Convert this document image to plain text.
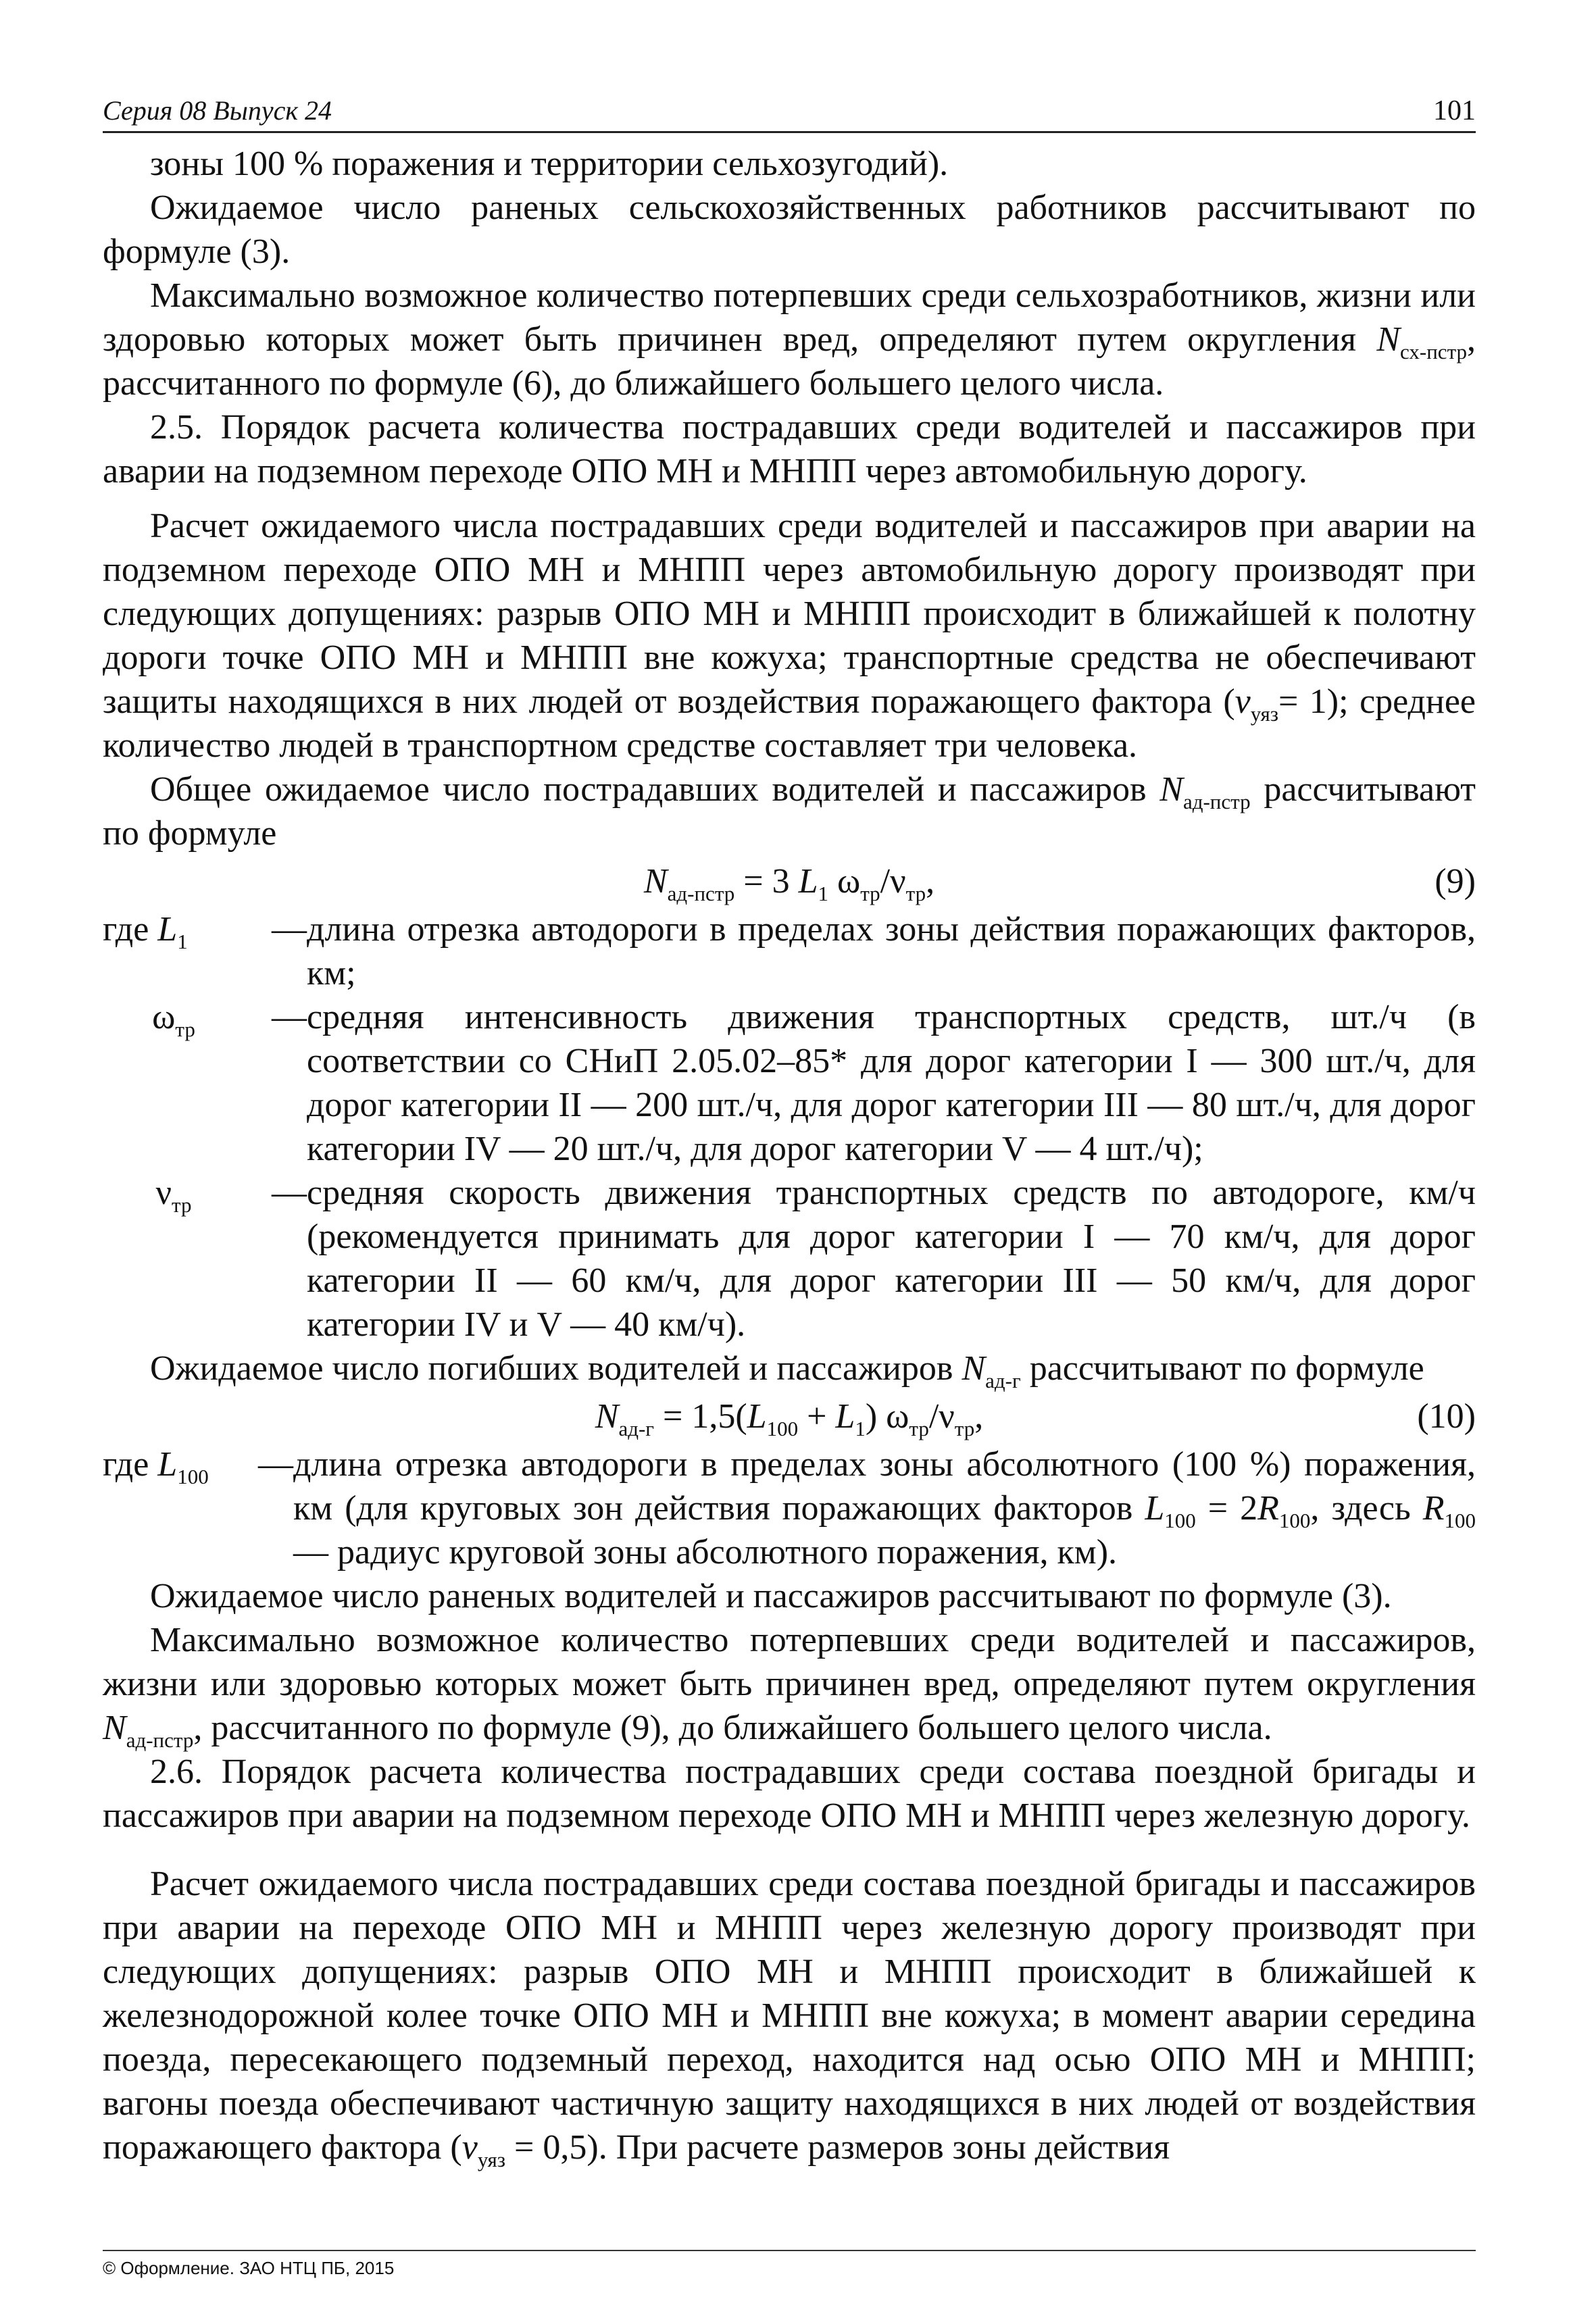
Серия 08 Выпуск 24	101

зоны 100 % поражения и территории сельхозугодий).

Ожидаемое число раненых сельскохозяйственных работников рассчитывают по формуле (3).

Максимально возможное количество потерпевших среди сельхозработников, жизни или здоровью которых может быть причинен вред, определяют путем округления $N_{сх-пстр}$, рассчитанного по формуле (6), до ближайшего большего целого числа.

2.5. Порядок расчета количества пострадавших среди водителей и пассажиров при аварии на подземном переходе ОПО МН и МНПП через автомобильную дорогу.

Расчет ожидаемого числа пострадавших среди водителей и пассажиров при аварии на подземном переходе ОПО МН и МНПП через автомобильную дорогу производят при следующих допущениях: разрыв ОПО МН и МНПП происходит в ближайшей к полотну дороги точке ОПО МН и МНПП вне кожуха; транспортные средства не обеспечивают защиты находящихся в них людей от воздействия поражающего фактора $(v_{уяз}= 1)$; среднее количество людей в транспортном средстве составляет три человека.

Общее ожидаемое число пострадавших водителей и пассажиров $N_{ад-пстр}$ рассчитывают по формуле

$N_{ад-пстр} = 3$ $L_1$ $\omega_{тр}/\nu_{тр}$,	(9)
где $L_1$	— длина отрезка автодороги в пределах зоны действия поражающих факторов, км;
$\omega_{тр}$	— средняя интенсивность движения транспортных средств, шт./ч (в соответствии со СНиП 2.05.02–85* для дорог категории I — 300 шт./ч, для дорог категории II — 200 шт./ч, для дорог категории III — 80 шт./ч, для дорог категории IV — 20 шт./ч, для дорог категории V — 4 шт./ч);
$\nu_{тр}$	— средняя скорость движения транспортных средств по автодороге, км/ч (рекомендуется принимать для дорог категории I — 70 км/ч, для дорог категории II — 60 км/ч, для дорог категории III — 50 км/ч, для дорог категории IV и V — 40 км/ч).

Ожидаемое число погибших водителей и пассажиров $N_{ад-г}$ рассчитывают по формуле

$N_{ад-г} = 1,5(L_{100} + L_1)$ $\omega_{тр}/\nu_{тр}$,	(10)
где $L_{100}$	— длина отрезка автодороги в пределах зоны абсолютного (100 %) поражения, км (для круговых зон действия поражающих факторов $L_{100} = 2R_{100}$, здесь $R_{100}$ — радиус круговой зоны абсолютного поражения, км).

Ожидаемое число раненых водителей и пассажиров рассчитывают по формуле (3).

Максимально возможное количество потерпевших среди водителей и пассажиров, жизни или здоровью которых может быть причинен вред, определяют путем округления $N_{ад-пстр}$, рассчитанного по формуле (9), до ближайшего большего целого числа.

2.6. Порядок расчета количества пострадавших среди состава поездной бригады и пассажиров при аварии на подземном переходе ОПО МН и МНПП через железную дорогу.

Расчет ожидаемого числа пострадавших среди состава поездной бригады и пассажиров при аварии на переходе ОПО МН и МНПП через железную дорогу производят при следующих допущениях: разрыв ОПО МН и МНПП происходит в ближайшей к железнодорожной колее точке ОПО МН и МНПП вне кожуха; в момент аварии середина поезда, пересекающего подземный переход, находится над осью ОПО МН и МНПП; вагоны поезда обеспечивают частичную защиту находящихся в них людей от воздействия поражающего фактора $(v_{уяз} = 0,5)$. При расчете размеров зоны действия

© Оформление. ЗАО НТЦ ПБ, 2015
